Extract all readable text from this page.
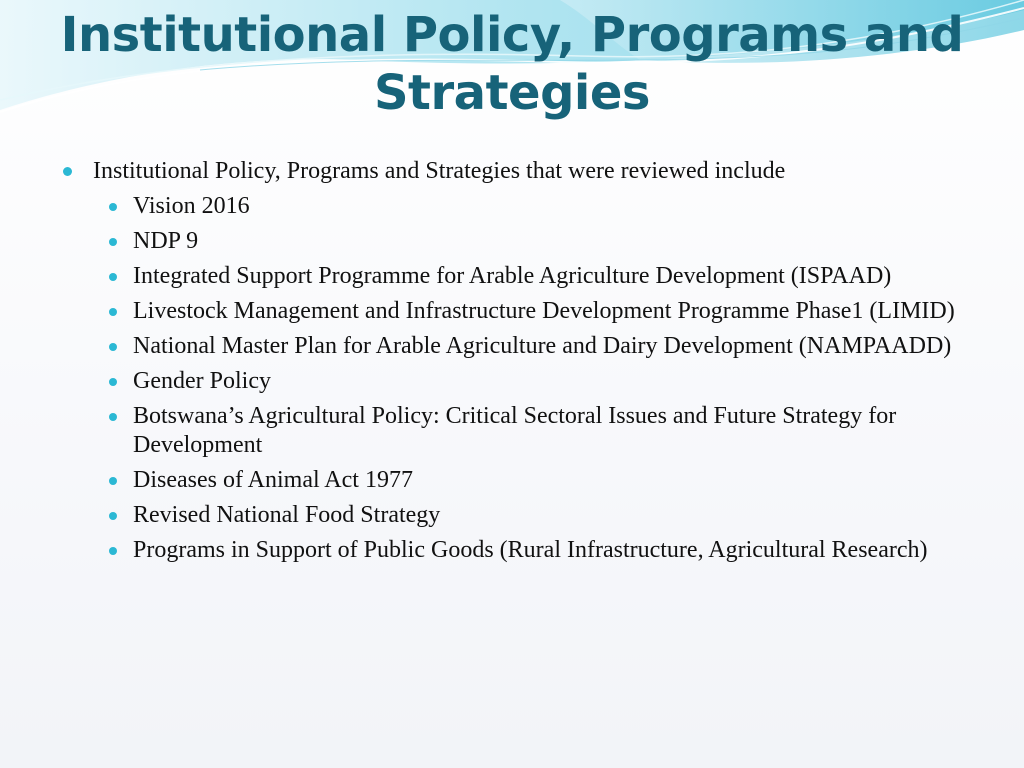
Institutional Policy, Programs and Strategies

Institutional Policy, Programs and Strategies that were reviewed include

Vision 2016
NDP 9
Integrated Support Programme for Arable Agriculture Development (ISPAAD)
Livestock Management and Infrastructure Development Programme Phase1 (LIMID)
National Master Plan for Arable Agriculture and Dairy Development (NAMPAADD)
Gender Policy
Botswana’s Agricultural Policy: Critical Sectoral Issues and Future Strategy for Development
Diseases of Animal Act 1977
Revised National Food Strategy
Programs in Support of Public Goods (Rural Infrastructure, Agricultural Research)
